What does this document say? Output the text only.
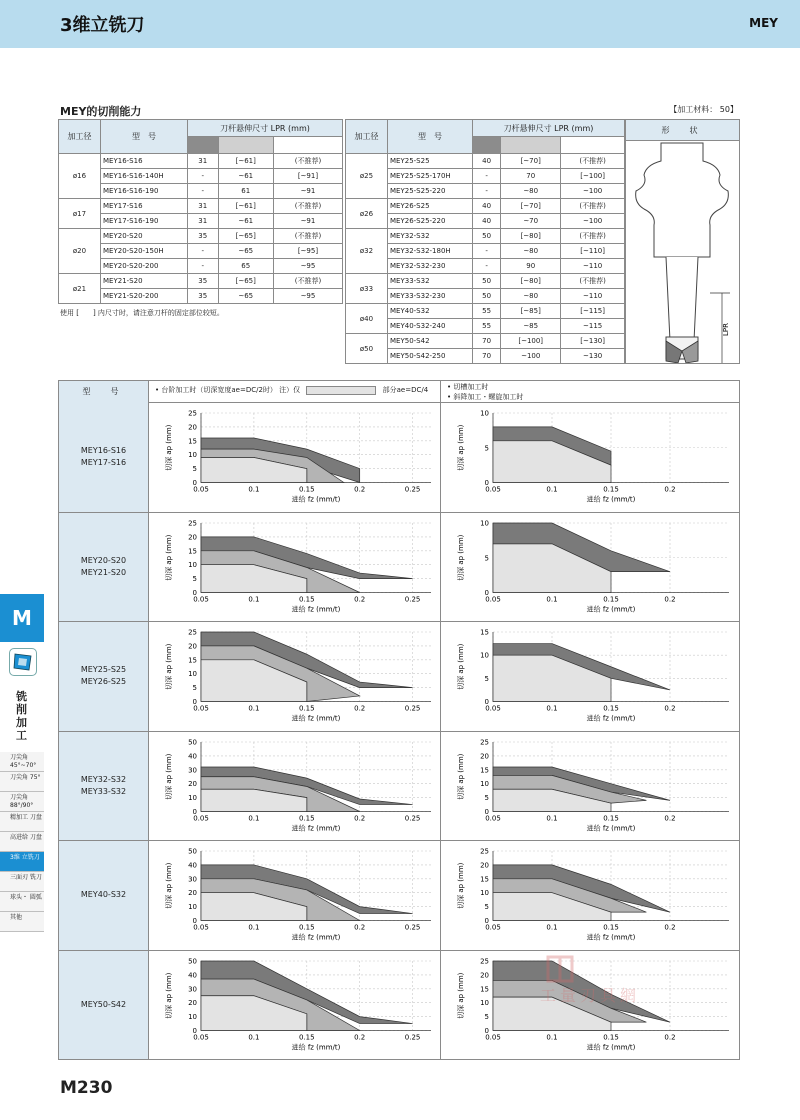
3维立铣刀	MEY
MEY的切削能力	【加工材料： 50】
加工径	型　号	刀杆悬伸尺寸 LPR (mm)		

ø16	MEY16-S16	31	[~61]	(不推荐)
	MEY16-S16-140H	-	~61	[~91]
	MEY16-S16-190	-	61	~91
ø17	MEY17-S16	31	[~61]	(不推荐)
	MEY17-S16-190	31	~61	~91
ø20	MEY20-S20	35	[~65]	(不推荐)
	MEY20-S20-150H	-	~65	[~95]
	MEY20-S20-200	-	65	~95
ø21	MEY21-S20	35	[~65]	(不推荐)
	MEY21-S20-200	35	~65	~95
加工径	型　号	刀杆悬伸尺寸 LPR (mm)		

ø25	MEY25-S25	40	[~70]	(不推荐)
	MEY25-S25-170H	-	70	[~100]
	MEY25-S25-220	-	~80	~100
ø26	MEY26-S25	40	[~70]	(不推荐)
	MEY26-S25-220	40	~70	~100
ø32	MEY32-S32	50	[~80]	(不推荐)
	MEY32-S32-180H	-	~80	[~110]
	MEY32-S32-230	-	90	~110
ø33	MEY33-S32	50	[~80]	(不推荐)
	MEY33-S32-230	50	~80	~110
ø40	MEY40-S32	55	[~85]	[~115]
	MEY40-S32-240	55	~85	~115
ø50	MEY50-S42	70	[~100]	[~130]
	MEY50-S42-250	70	~100	~130
形　状
LPR
使用 [　　] 内尺寸时，请注意刀杆的固定部位较短。
型　号	• 台阶加工时（切深宽度ae=DC/2时） 注）仅	部分ae=DC/4	• 切槽加工时
• 斜降加工・螺旋加工时
MEY16-S16
MEY17-S16
0
5
10
15
20
25
0.05	0.1	0.15	0.2	0.25
进给 fz (mm/t)
切深 ap (mm)
0
5
10
0.05	0.1	0.15	0.2
进给 fz (mm/t)
切深 ap (mm)
MEY20-S20
MEY21-S20
0
5
10
15
20
25
0.05	0.1	0.15	0.2	0.25
进给 fz (mm/t)
切深 ap (mm)
0
5
10
0.05	0.1	0.15	0.2
进给 fz (mm/t)
切深 ap (mm)
MEY25-S25
MEY26-S25
0
5
10
15
20
25
0.05	0.1	0.15	0.2	0.25
进给 fz (mm/t)
切深 ap (mm)
0
5
10
15
0.05	0.1	0.15	0.2
进给 fz (mm/t)
切深 ap (mm)
MEY32-S32
MEY33-S32
0
10
20
30
40
50
0.05	0.1	0.15	0.2	0.25
进给 fz (mm/t)
切深 ap (mm)
0
5
10
15
20
25
0.05	0.1	0.15	0.2
进给 fz (mm/t)
切深 ap (mm)
MEY40-S32
0
10
20
30
40
50
0.05	0.1	0.15	0.2	0.25
进给 fz (mm/t)
切深 ap (mm)
0
5
10
15
20
25
0.05	0.1	0.15	0.2
进给 fz (mm/t)
切深 ap (mm)
MEY50-S42
0
10
20
30
40
50
0.05	0.1	0.15	0.2	0.25
进给 fz (mm/t)
切深 ap (mm)
0
5
10
15
20
25
0.05	0.1	0.15	0.2
进给 fz (mm/t)
切深 ap (mm)
M
铣削加工
刀尖角 45°~70°
刀尖角 75°
刀尖角 88°/90°
精加工 刀盘
高进给 刀盘
3维 立铣刀
三面刃 铣刀
球头・ 圆弧
其他
工量刃具網
M230
